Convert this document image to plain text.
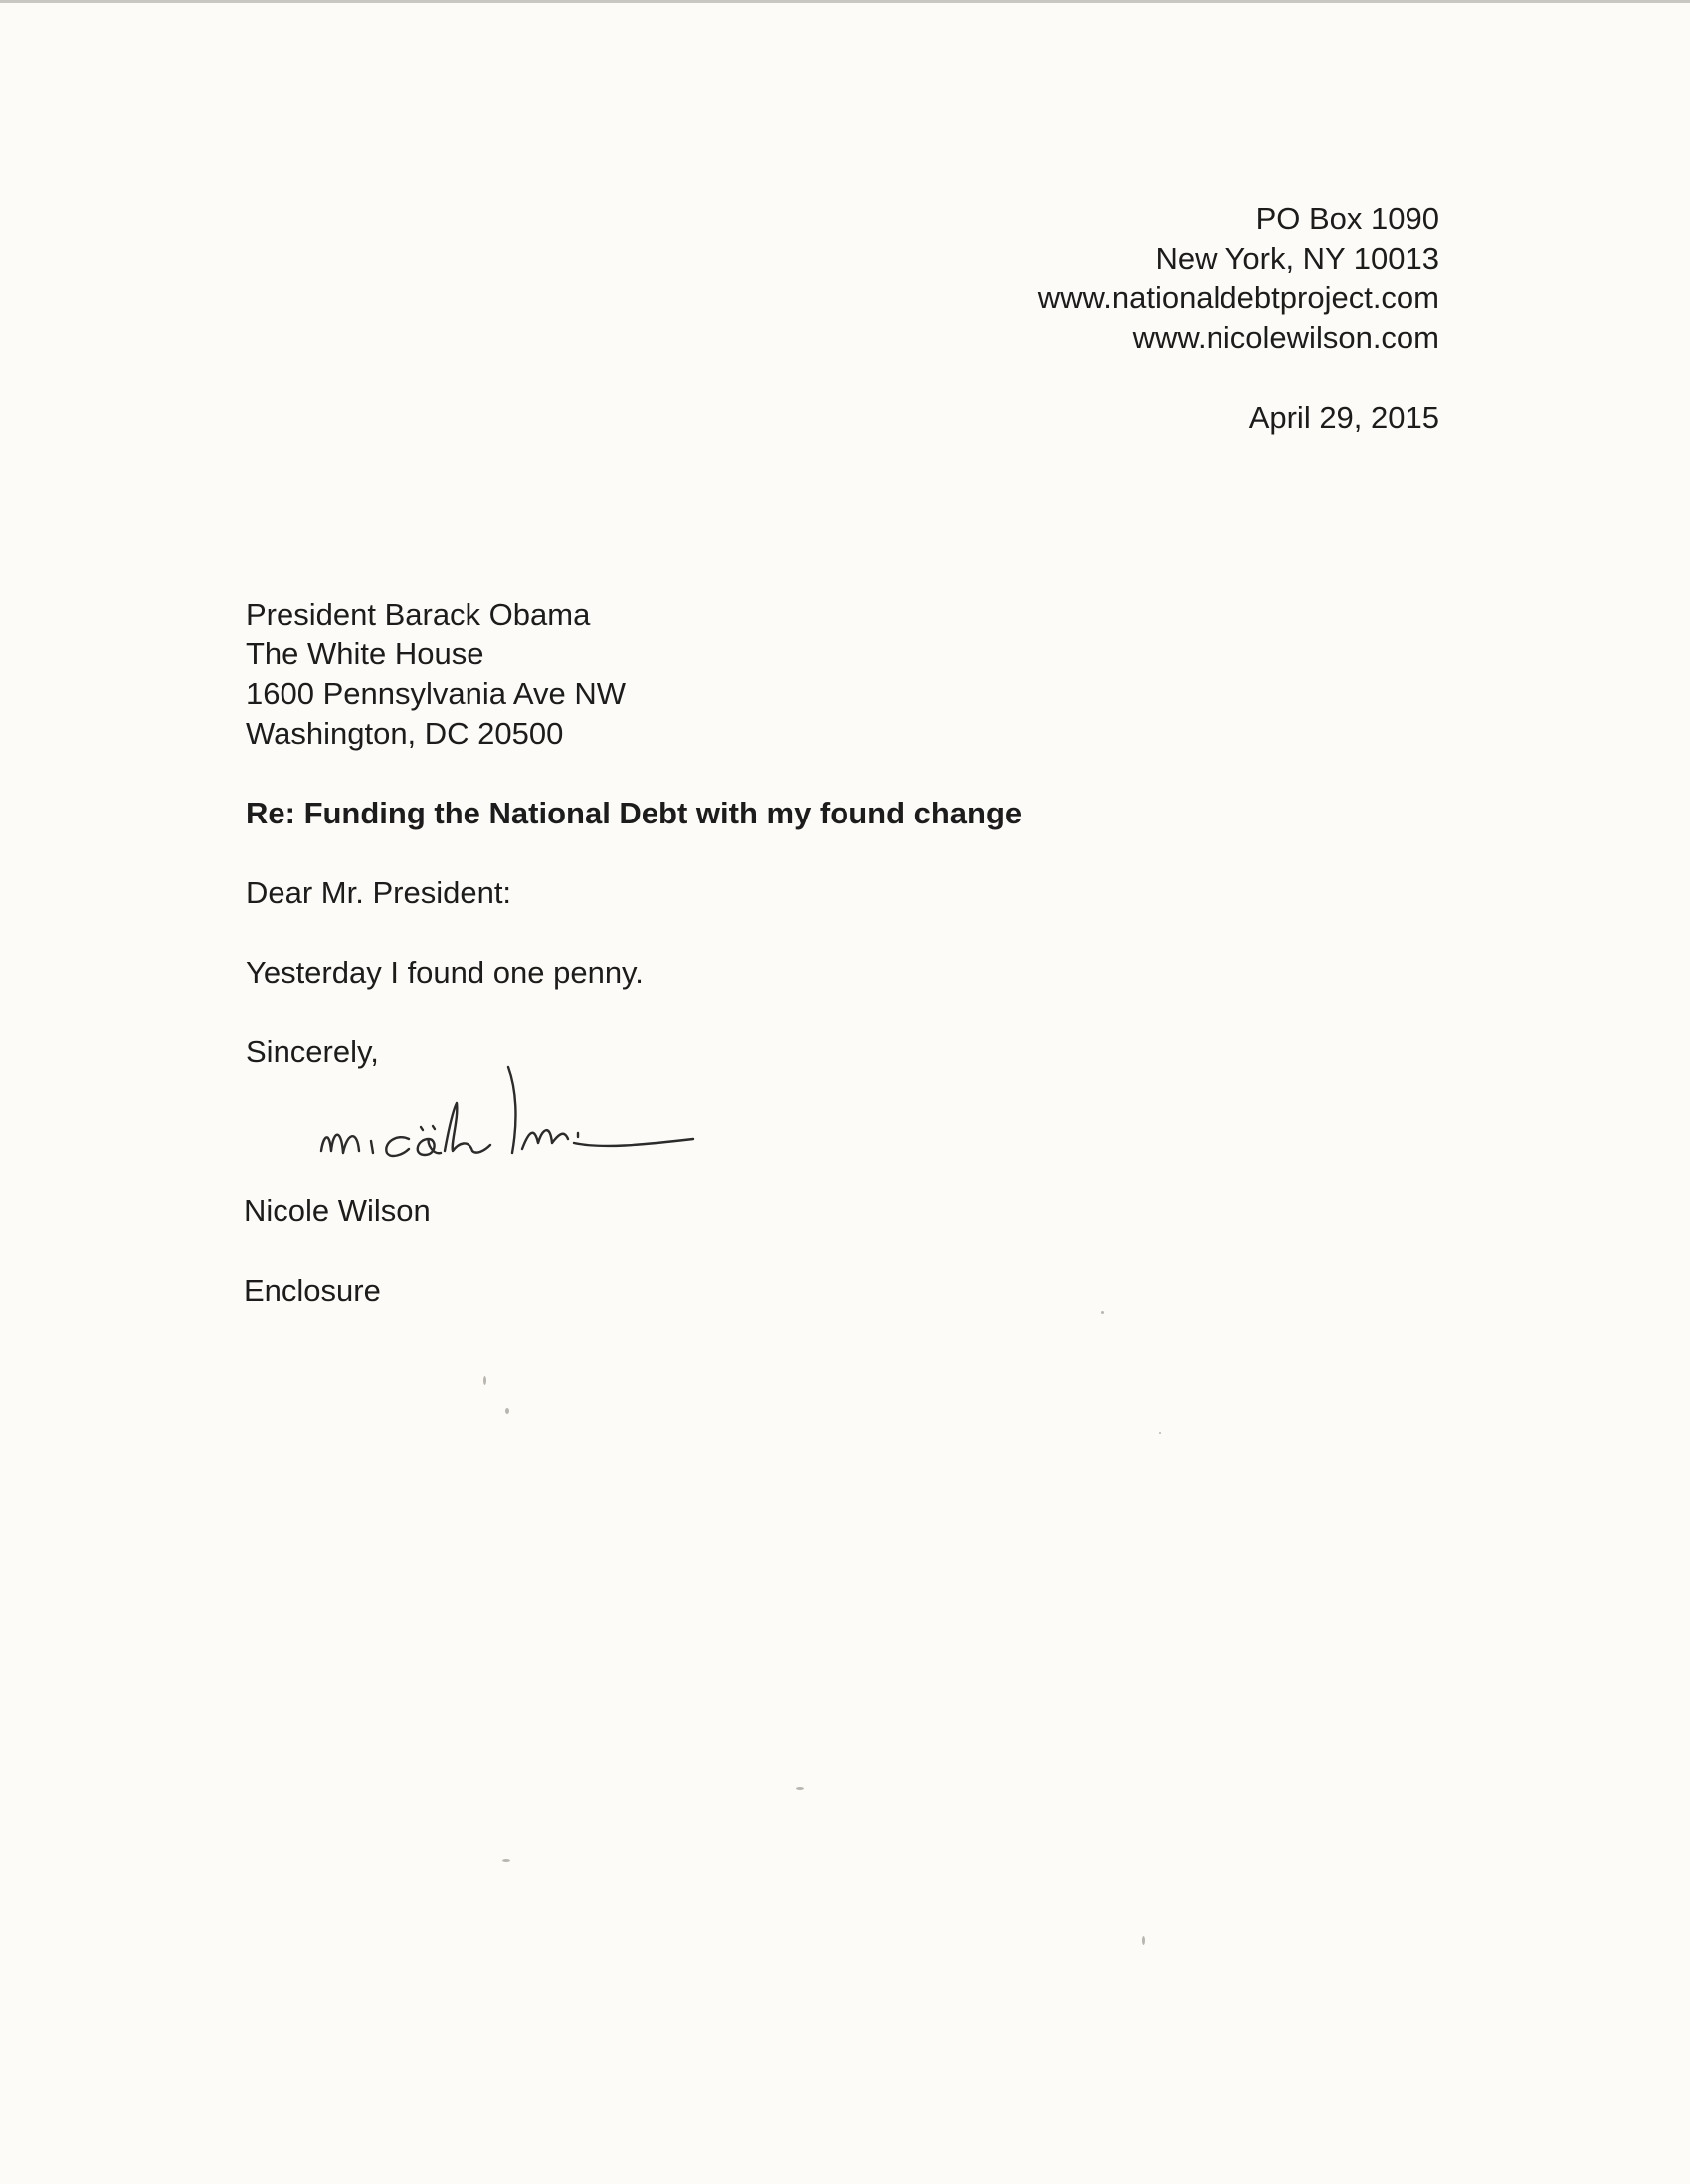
PO Box 1090
New York, NY 10013
www.nationaldebtproject.com
www.nicolewilson.com
April 29, 2015
President Barack Obama
The White House
1600 Pennsylvania Ave NW
Washington, DC 20500
Re: Funding the National Debt with my found change
Dear Mr. President:
Yesterday I found one penny.
Sincerely,
Nicole Wilson
Enclosure
